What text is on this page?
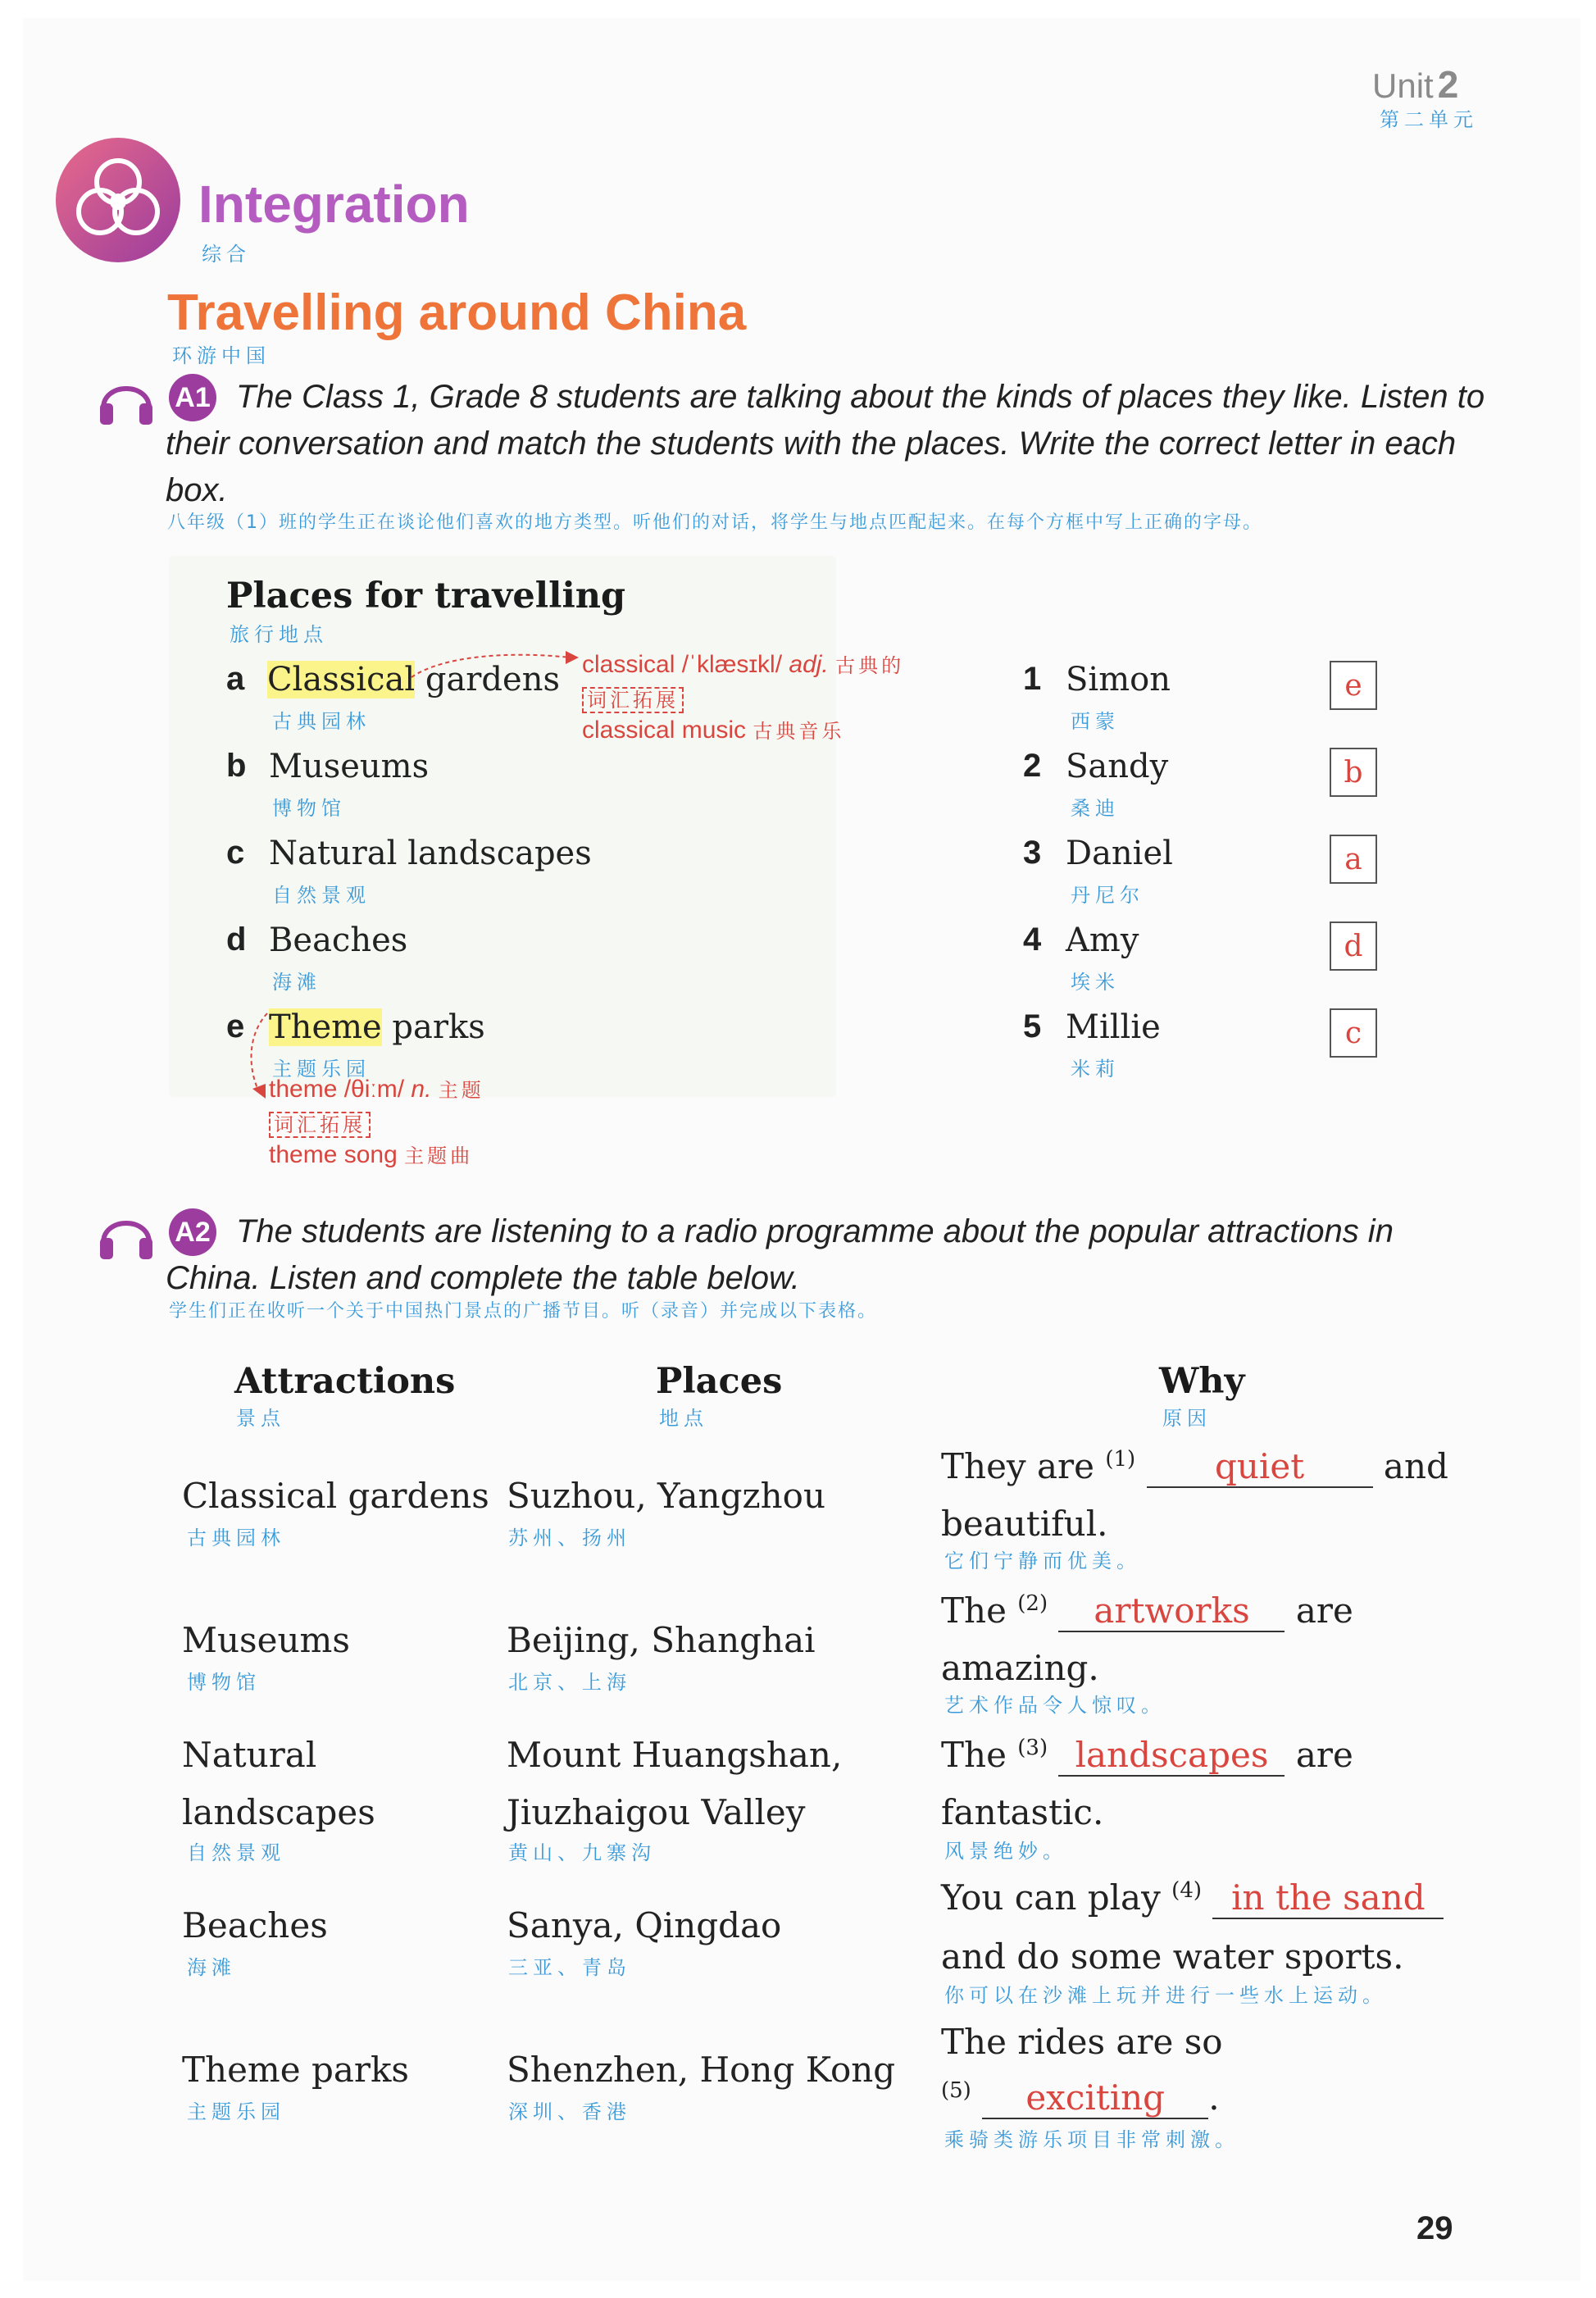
Unit 2
第二单元
Integration
综合
Travelling around China
环游中国
A1 The Class 1, Grade 8 students are talking about the kinds of places they like. Listen to
their conversation and match the students with the places. Write the correct letter in each
box.
八年级（1）班的学生正在谈论他们喜欢的地方类型。听他们的对话，将学生与地点匹配起来。在每个方框中写上正确的字母。
Places for travelling
旅行地点
a Classical gardens
古典园林
b Museums
博物馆
c Natural landscapes
自然景观
d Beaches
海滩
e Theme parks
主题乐园
classical /ˈklæsɪkl/ adj. 古典的
词汇拓展
classical music 古典音乐
theme /θiːm/ n. 主题
词汇拓展
theme song 主题曲
1 Simon
西蒙
e
2 Sandy
桑迪
b
3 Daniel
丹尼尔
a
4 Amy
埃米
d
5 Millie
米莉
c
A2 The students are listening to a radio programme about the popular attractions in
China. Listen and complete the table below.
学生们正在收听一个关于中国热门景点的广播节目。听（录音）并完成以下表格。
Attractions
景点
Places
地点
Why
原因
Classical gardens
古典园林
Suzhou, Yangzhou
苏州、扬州
They are $^{(1)}$ quiet and
beautiful.
它们宁静而优美。
Museums
博物馆
Beijing, Shanghai
北京、上海
The $^{(2)}$ artworks are
amazing.
艺术作品令人惊叹。
Natural
landscapes
自然景观
Mount Huangshan,
Jiuzhaigou Valley
黄山、九寨沟
The $^{(3)}$ landscapes are
fantastic.
风景绝妙。
Beaches
海滩
Sanya, Qingdao
三亚、青岛
You can play $^{(4)}$ in the sand
and do some water sports.
你可以在沙滩上玩并进行一些水上运动。
Theme parks
主题乐园
Shenzhen, Hong Kong
深圳、香港
The rides are so
$^{(5)}$ exciting .
乘骑类游乐项目非常刺激。
29
